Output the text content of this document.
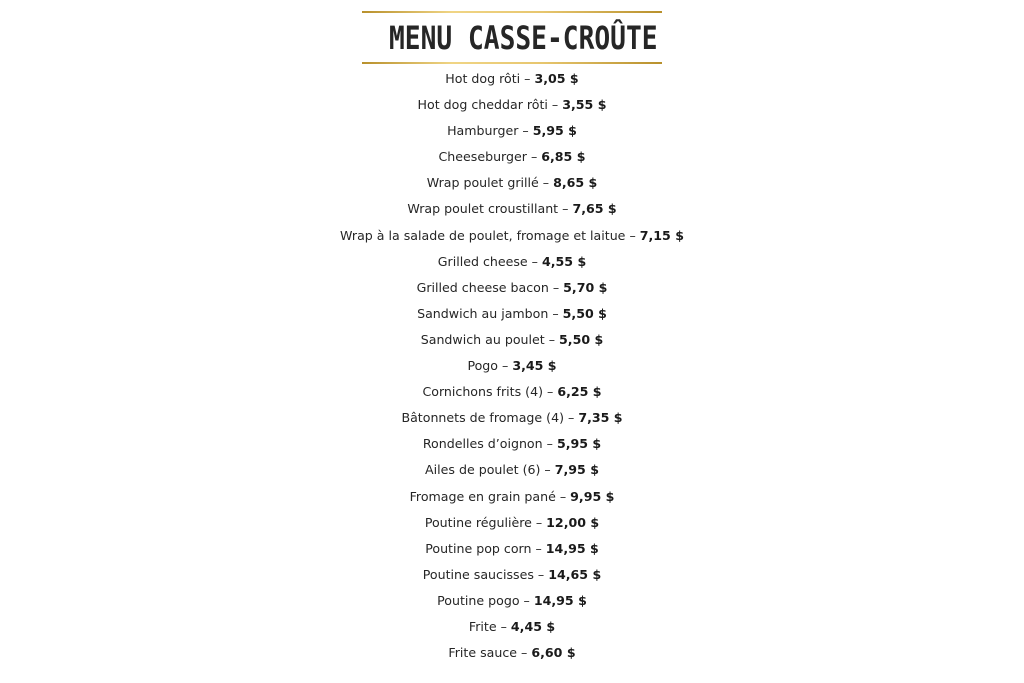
MENU CASSE-CROÛTE
Hot dog rôti – 3,05 $
Hot dog cheddar rôti – 3,55 $
Hamburger – 5,95 $
Cheeseburger – 6,85 $
Wrap poulet grillé – 8,65 $
Wrap poulet croustillant – 7,65 $
Wrap à la salade de poulet, fromage et laitue – 7,15 $
Grilled cheese – 4,55 $
Grilled cheese bacon – 5,70 $
Sandwich au jambon – 5,50 $
Sandwich au poulet – 5,50 $
Pogo – 3,45 $
Cornichons frits (4) – 6,25 $
Bâtonnets de fromage (4) – 7,35 $
Rondelles d’oignon – 5,95 $
Ailes de poulet (6) – 7,95 $
Fromage en grain pané – 9,95 $
Poutine régulière – 12,00 $
Poutine pop corn – 14,95 $
Poutine saucisses – 14,65 $
Poutine pogo – 14,95 $
Frite – 4,45 $
Frite sauce – 6,60 $
